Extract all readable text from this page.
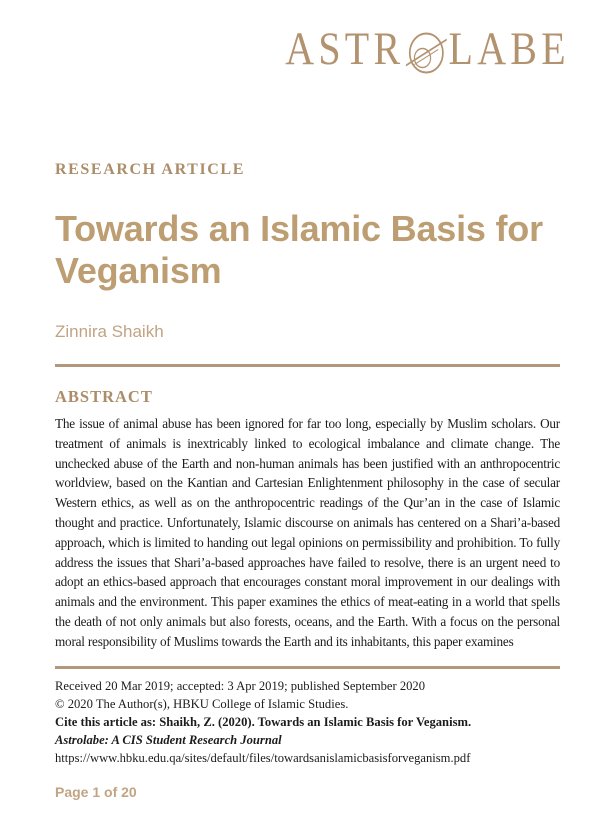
ASTR LABE
RESEARCH ARTICLE
Towards an Islamic Basis for
Veganism
Zinnira Shaikh
ABSTRACT

The issue of animal abuse has been ignored for far too long, especially by Muslim scholars. Our treatment of animals is inextricably linked to ecological imbalance and climate change. The unchecked abuse of the Earth and non-human animals has been justified with an anthropocentric worldview, based on the Kantian and Cartesian Enlightenment philosophy in the case of secular Western ethics, as well as on the anthropocentric readings of the Qur’an in the case of Islamic thought and practice. Unfortunately, Islamic discourse on animals has centered on a Shari’a-based approach, which is limited to handing out legal opinions on permissibility and prohibition. To fully address the issues that Shari’a-based approaches have failed to resolve, there is an urgent need to adopt an ethics-based approach that encourages constant moral improvement in our dealings with animals and the environment. This paper examines the ethics of meat-eating in a world that spells the death of not only animals but also forests, oceans, and the Earth. With a focus on the personal moral responsibility of Muslims towards the Earth and its inhabitants, this paper examines

Received 20 Mar 2019; accepted: 3 Apr 2019; published September 2020
© 2020 The Author(s), HBKU College of Islamic Studies.
Cite this article as: Shaikh, Z. (2020). Towards an Islamic Basis for Veganism.
Astrolabe: A CIS Student Research Journal
https://www.hbku.edu.qa/sites/default/files/towardsanislamicbasisforveganism.pdf
Page 1 of 20
